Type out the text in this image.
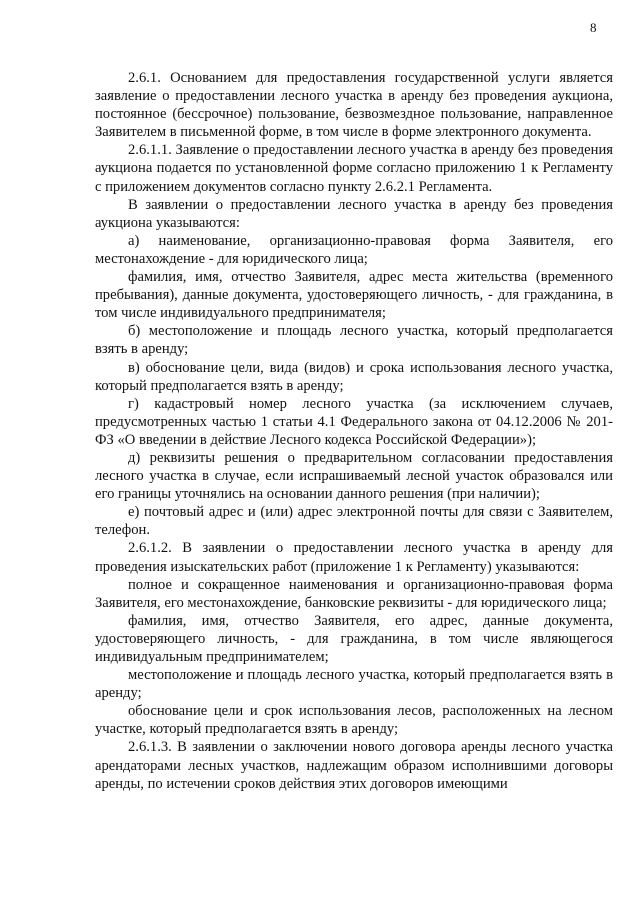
8

2.6.1. Основанием для предоставления государственной услуги является заявление о предоставлении лесного участка в аренду без проведения аукциона, постоянное (бессрочное) пользование, безвозмездное пользование, направленное Заявителем в письменной форме, в том числе в форме электронного документа.

2.6.1.1. Заявление о предоставлении лесного участка в аренду без проведения аукциона подается по установленной форме согласно приложению 1 к Регламенту с приложением документов согласно пункту 2.6.2.1 Регламента.

В заявлении о предоставлении лесного участка в аренду без проведения аукциона указываются:

а) наименование, организационно-правовая форма Заявителя, его местонахождение - для юридического лица;

фамилия, имя, отчество Заявителя, адрес места жительства (временного пребывания), данные документа, удостоверяющего личность, - для гражданина, в том числе индивидуального предпринимателя;

б) местоположение и площадь лесного участка, который предполагается взять в аренду;

в) обоснование цели, вида (видов) и срока использования лесного участка, который предполагается взять в аренду;

г) кадастровый номер лесного участка (за исключением случаев, предусмотренных частью 1 статьи 4.1 Федерального закона от 04.12.2006 № 201-ФЗ «О введении в действие Лесного кодекса Российской Федерации»);

д) реквизиты решения о предварительном согласовании предоставления лесного участка в случае, если испрашиваемый лесной участок образовался или его границы уточнялись на основании данного решения (при наличии);

е) почтовый адрес и (или) адрес электронной почты для связи с Заявителем, телефон.

2.6.1.2. В заявлении о предоставлении лесного участка в аренду для проведения изыскательских работ (приложение 1 к Регламенту) указываются:

полное и сокращенное наименования и организационно-правовая форма Заявителя, его местонахождение, банковские реквизиты - для юридического лица;

фамилия, имя, отчество Заявителя, его адрес, данные документа, удостоверяющего личность, - для гражданина, в том числе являющегося индивидуальным предпринимателем;

местоположение и площадь лесного участка, который предполагается взять в аренду;

обоснование цели и срок использования лесов, расположенных на лесном участке, который предполагается взять в аренду;

2.6.1.3. В заявлении о заключении нового договора аренды лесного участка арендаторами лесных участков, надлежащим образом исполнившими договоры аренды, по истечении сроков действия этих договоров имеющими
